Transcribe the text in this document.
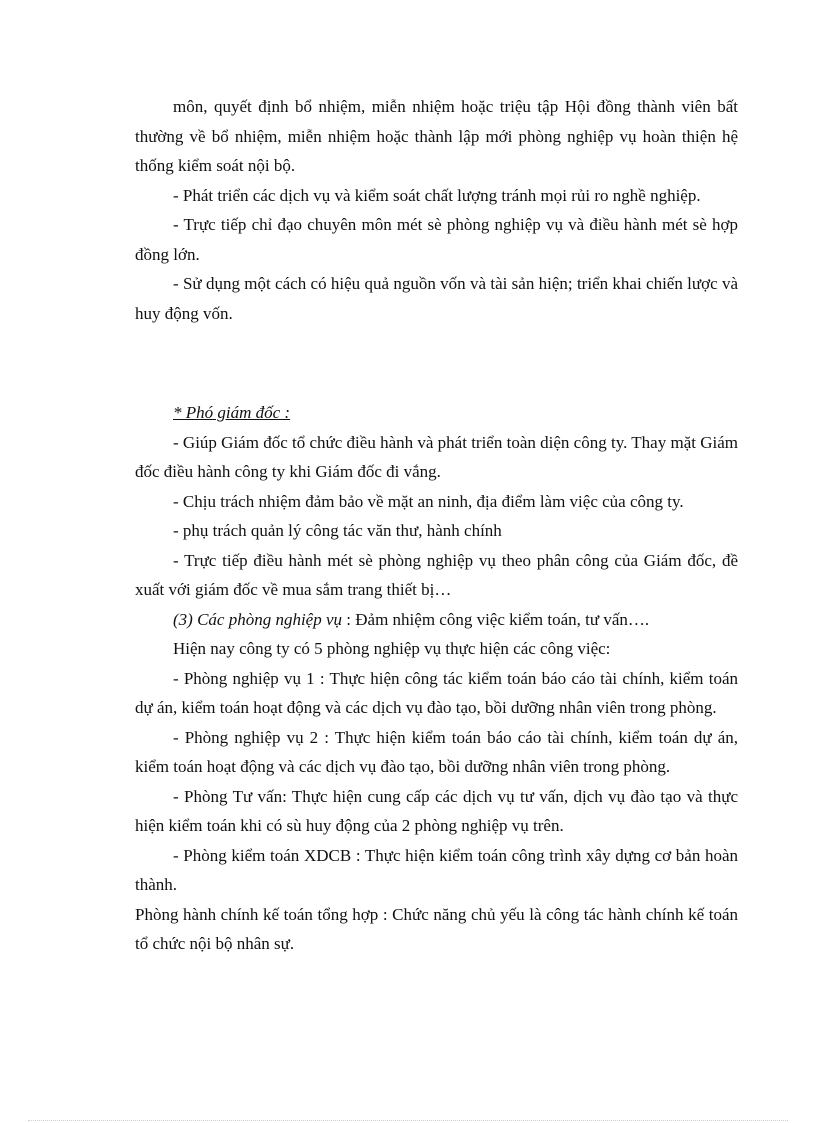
môn, quyết định bổ nhiệm, miễn nhiệm hoặc triệu tập Hội đồng thành viên bất thường về bổ nhiệm, miễn nhiệm hoặc thành lập mới phòng nghiệp vụ hoàn thiện hệ thống kiểm soát nội bộ.

- Phát triển các dịch vụ và kiểm soát chất lượng tránh mọi rủi ro nghề nghiệp.

- Trực tiếp chỉ đạo chuyên môn mét sè phòng nghiệp vụ và điều hành mét sè hợp đồng lớn.

- Sử dụng một cách có hiệu quả nguồn vốn và tài sản hiện; triển khai chiến lược và huy động vốn.

* Phó giám đốc :

- Giúp Giám đốc tổ chức điều hành và phát triển toàn diện công ty. Thay mặt Giám đốc điều hành công ty khi Giám đốc đi vắng.

- Chịu trách nhiệm đảm bảo về mặt an ninh, địa điểm làm việc của công ty.

- phụ trách quản lý công tác văn thư, hành chính

- Trực tiếp điều hành mét sè phòng nghiệp vụ theo phân công của Giám đốc, đề xuất với giám đốc về mua sắm trang thiết bị…

(3) Các phòng nghiệp vụ : Đảm nhiệm công việc kiểm toán, tư vấn….

Hiện nay công ty có 5 phòng nghiệp vụ thực hiện các công việc:

- Phòng nghiệp vụ 1 : Thực hiện công tác kiểm toán báo cáo tài chính, kiểm toán dự án, kiểm toán hoạt động và các dịch vụ đào tạo, bồi dưỡng nhân viên trong phòng.

- Phòng nghiệp vụ 2 : Thực hiện kiểm toán báo cáo tài chính, kiểm toán dự án, kiểm toán hoạt động và các dịch vụ đào tạo, bồi dưỡng nhân viên trong phòng.

- Phòng Tư vấn: Thực hiện cung cấp các dịch vụ tư vấn, dịch vụ đào tạo và thực hiện kiểm toán khi có sù huy động của 2 phòng nghiệp vụ trên.

- Phòng kiểm toán XDCB : Thực hiện kiểm toán công trình xây dựng cơ bản hoàn thành.

Phòng hành chính kế toán tổng hợp : Chức năng chủ yếu là công tác hành chính kế toán tổ chức nội bộ nhân sự.
